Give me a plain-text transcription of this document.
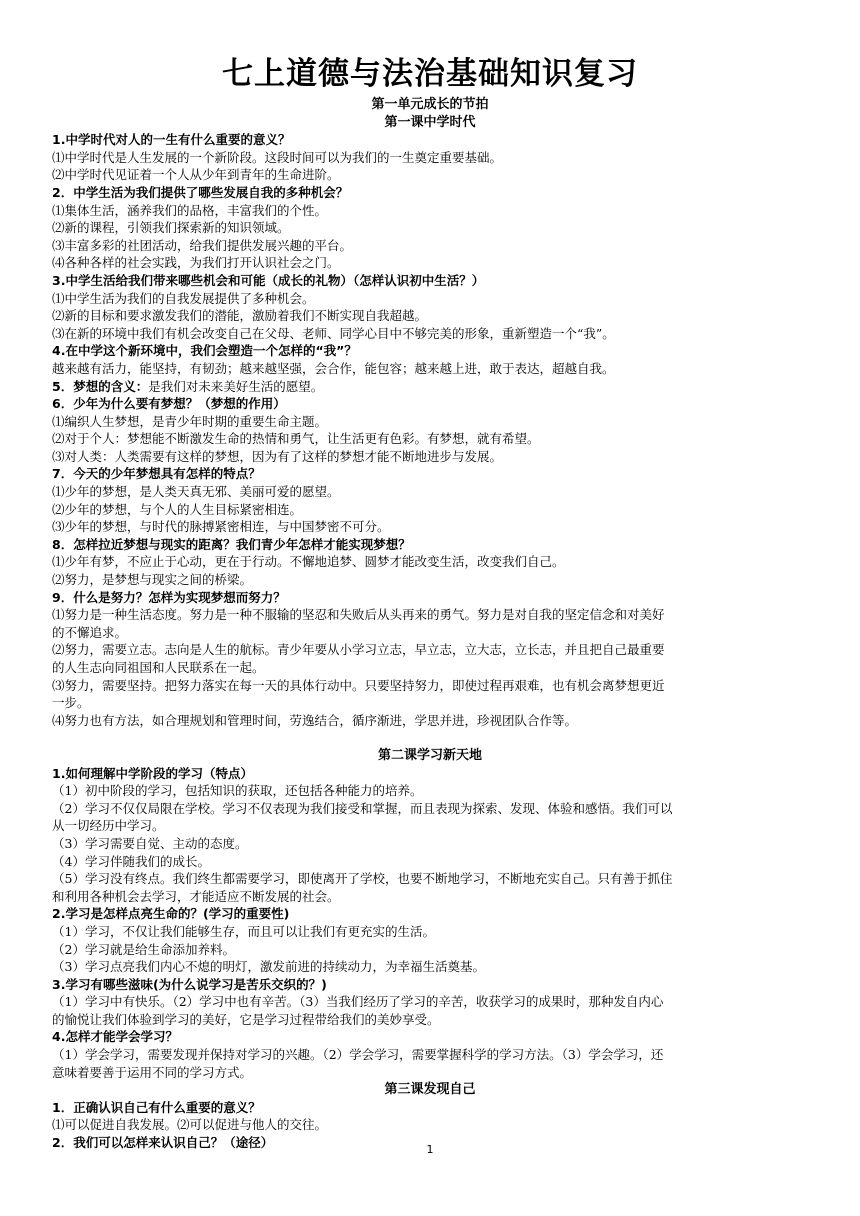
七上道德与法治基础知识复习

第一单元成长的节拍

第一课中学时代

1.中学时代对人的一生有什么重要的意义？

⑴中学时代是人生发展的一个新阶段。这段时间可以为我们的一生奠定重要基础。

⑵中学时代见证着一个人从少年到青年的生命进阶。

2．中学生活为我们提供了哪些发展自我的多种机会？

⑴集体生活，涵养我们的品格，丰富我们的个性。

⑵新的课程，引领我们探索新的知识领域。

⑶丰富多彩的社团活动，给我们提供发展兴趣的平台。

⑷各种各样的社会实践，为我们打开认识社会之门。

3.中学生活给我们带来哪些机会和可能（成长的礼物）（怎样认识初中生活？）

⑴中学生活为我们的自我发展提供了多种机会。

⑵新的目标和要求激发我们的潜能，激励着我们不断实现自我超越。

⑶在新的环境中我们有机会改变自己在父母、老师、同学心目中不够完美的形象，重新塑造一个“我”。

4.在中学这个新环境中，我们会塑造一个怎样的“我”？

越来越有活力，能坚持，有韧劲；越来越坚强，会合作，能包容；越来越上进，敢于表达，超越自我。

5．梦想的含义：是我们对未来美好生活的愿望。

6．少年为什么要有梦想？（梦想的作用）

⑴编织人生梦想，是青少年时期的重要生命主题。

⑵对于个人：梦想能不断激发生命的热情和勇气，让生活更有色彩。有梦想，就有希望。

⑶对人类：人类需要有这样的梦想，因为有了这样的梦想才能不断地进步与发展。

7．今天的少年梦想具有怎样的特点？

⑴少年的梦想，是人类天真无邪、美丽可爱的愿望。

⑵少年的梦想，与个人的人生目标紧密相连。

⑶少年的梦想，与时代的脉搏紧密相连，与中国梦密不可分。

8．怎样拉近梦想与现实的距离？我们青少年怎样才能实现梦想？

⑴少年有梦，不应止于心动，更在于行动。不懈地追梦、圆梦才能改变生活，改变我们自己。

⑵努力，是梦想与现实之间的桥梁。

9．什么是努力？怎样为实现梦想而努力？

⑴努力是一种生活态度。努力是一种不服输的坚忍和失败后从头再来的勇气。努力是对自我的坚定信念和对美好

的不懈追求。

⑵努力，需要立志。志向是人生的航标。青少年要从小学习立志，早立志，立大志，立长志，并且把自己最重要

的人生志向同祖国和人民联系在一起。

⑶努力，需要坚持。把努力落实在每一天的具体行动中。只要坚持努力，即使过程再艰难，也有机会离梦想更近

一步。

⑷努力也有方法，如合理规划和管理时间，劳逸结合，循序渐进，学思并进，珍视团队合作等。

第二课学习新天地

1.如何理解中学阶段的学习（特点）

（1）初中阶段的学习，包括知识的获取，还包括各种能力的培养。

（2）学习不仅仅局限在学校。学习不仅表现为我们接受和掌握，而且表现为探索、发现、体验和感悟。我们可以

从一切经历中学习。

（3）学习需要自觉、主动的态度。

（4）学习伴随我们的成长。

（5）学习没有终点。我们终生都需要学习，即使离开了学校，也要不断地学习，不断地充实自己。只有善于抓住

和利用各种机会去学习，才能适应不断发展的社会。

2.学习是怎样点亮生命的？(学习的重要性)

（1）学习，不仅让我们能够生存，而且可以让我们有更充实的生活。

（2）学习就是给生命添加养料。

（3）学习点亮我们内心不熄的明灯，激发前进的持续动力，为幸福生活奠基。

3.学习有哪些滋味(为什么说学习是苦乐交织的？)

（1）学习中有快乐。（2）学习中也有辛苦。（3）当我们经历了学习的辛苦，收获学习的成果时，那种发自内心

的愉悦让我们体验到学习的美好，它是学习过程带给我们的美妙享受。

4.怎样才能学会学习？

（1）学会学习，需要发现并保持对学习的兴趣。（2）学会学习，需要掌握科学的学习方法。（3）学会学习，还

意味着要善于运用不同的学习方式。

第三课发现自己

1．正确认识自己有什么重要的意义？

⑴可以促进自我发展。⑵可以促进与他人的交往。

2．我们可以怎样来认识自己？（途径）	1
